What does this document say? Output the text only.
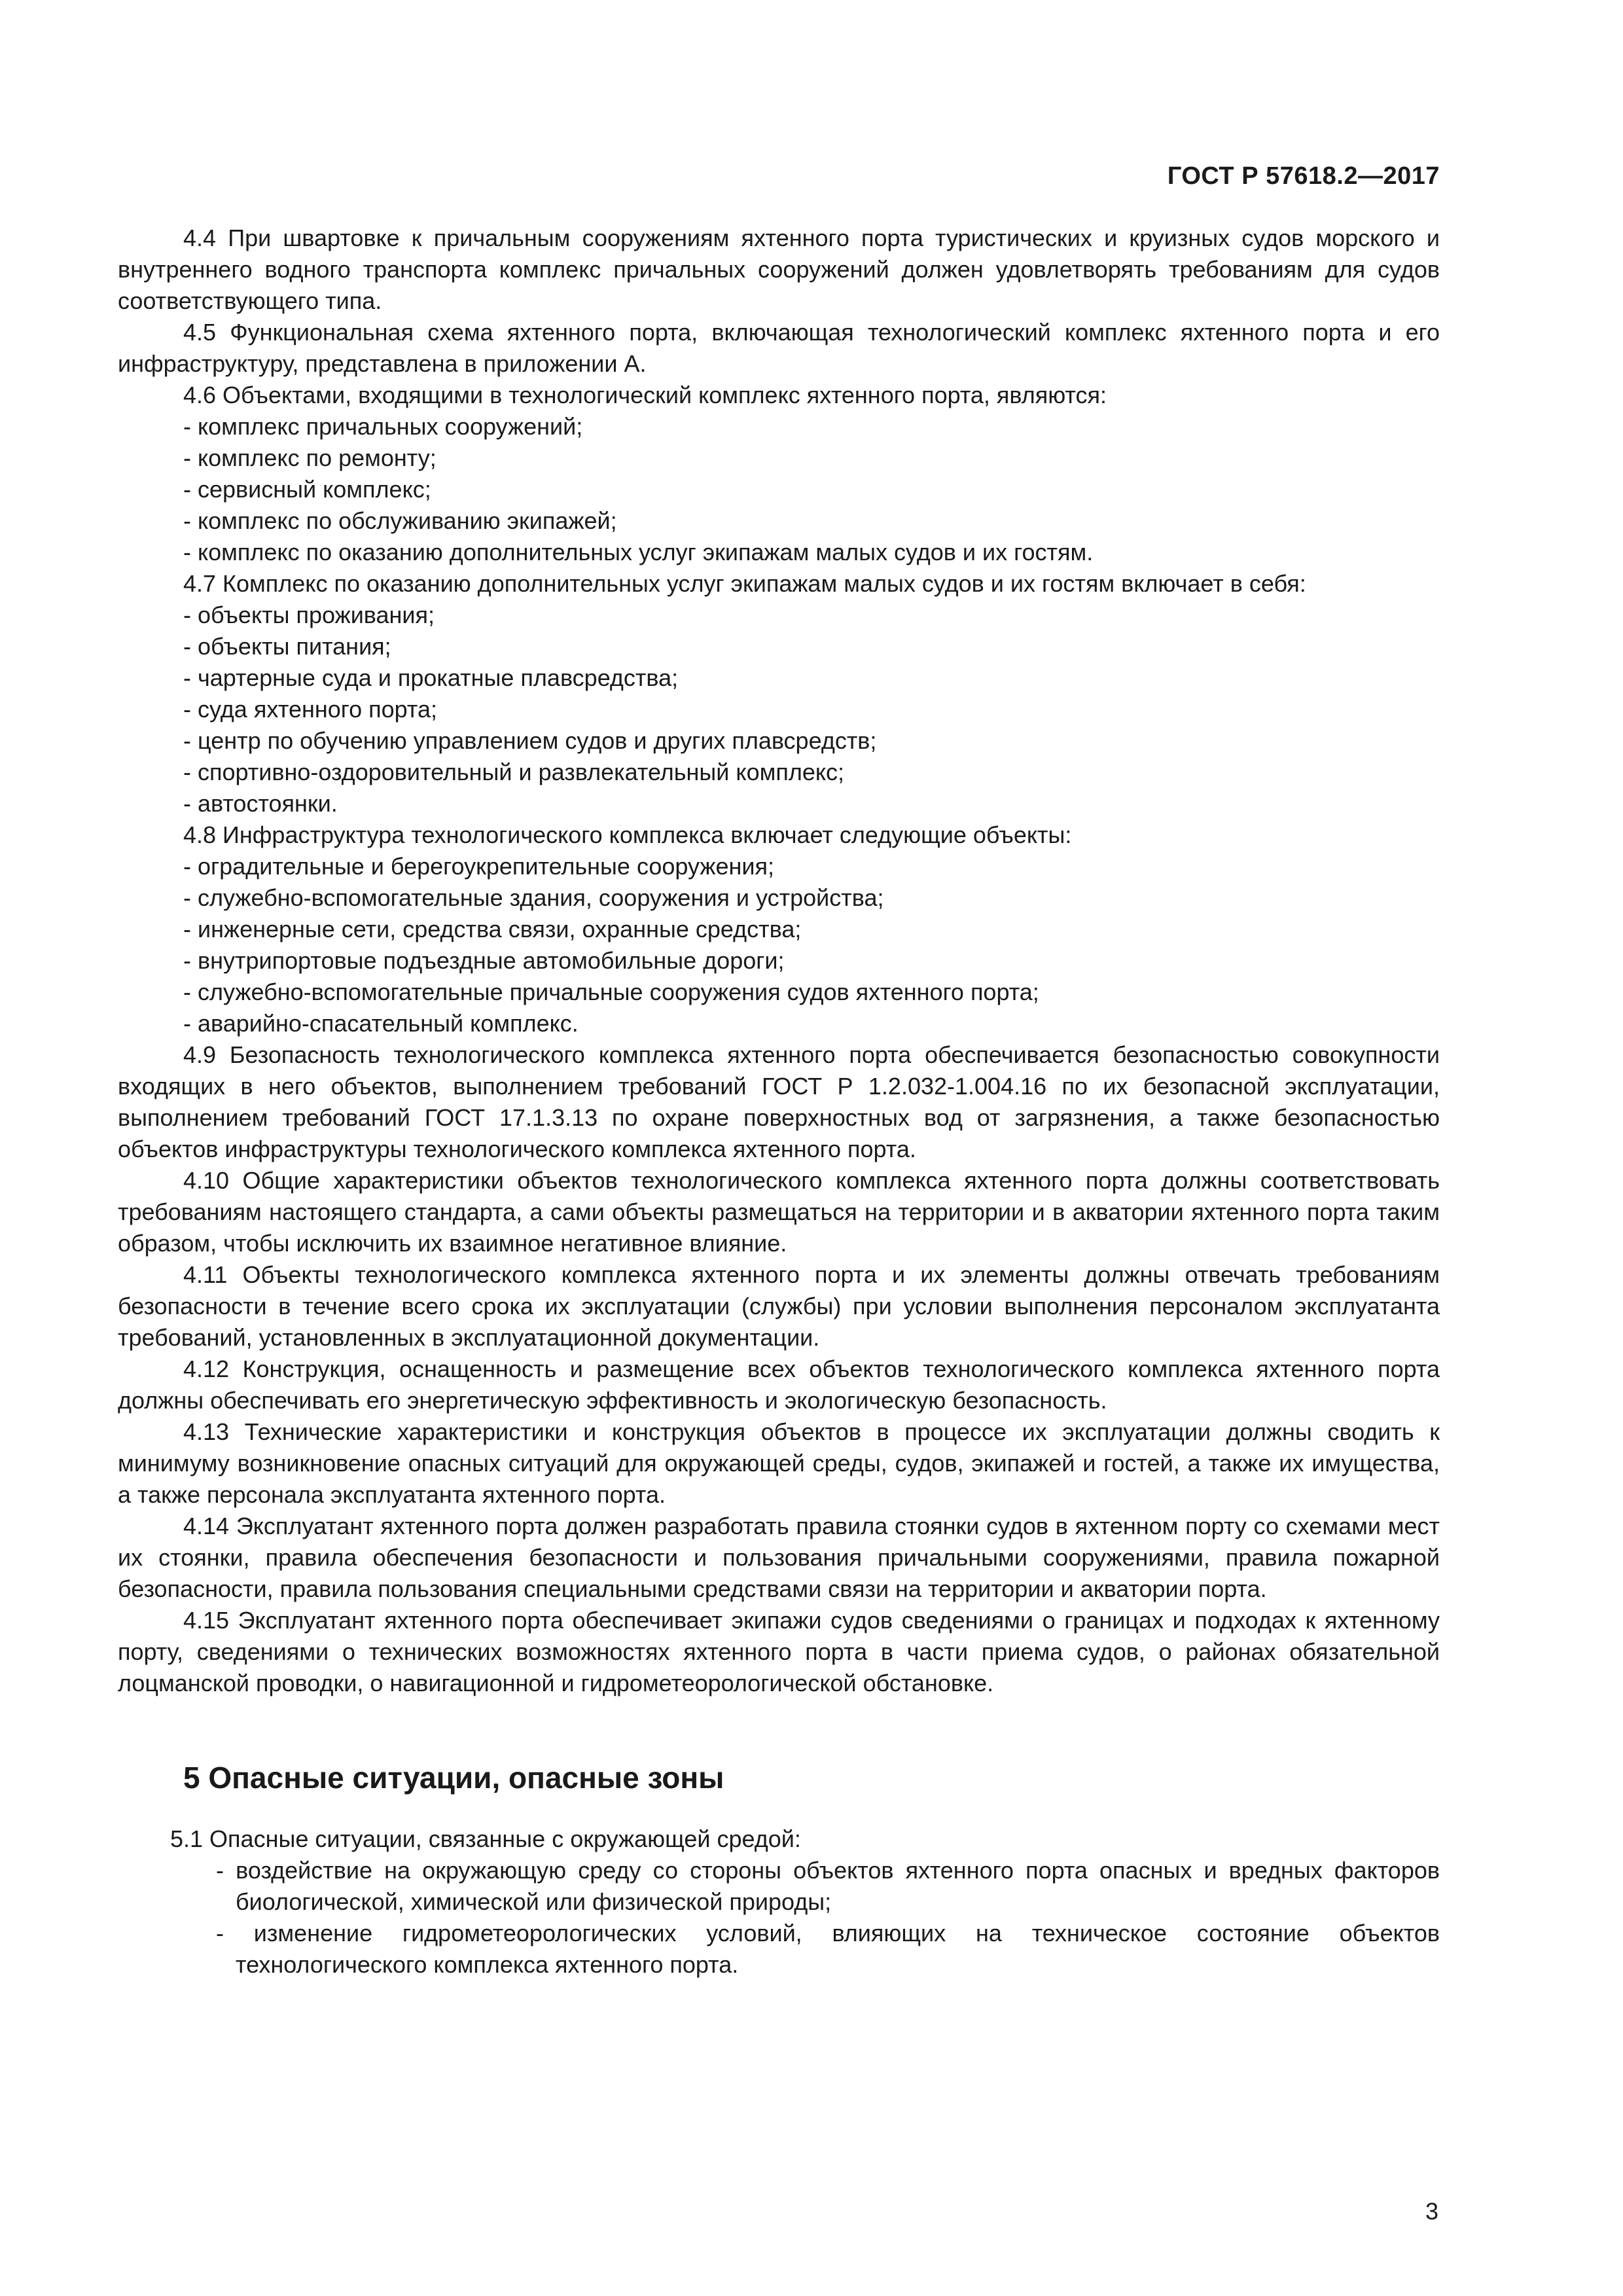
ГОСТ Р 57618.2—2017

4.4 При швартовке к причальным сооружениям яхтенного порта туристических и круизных судов морского и внутреннего водного транспорта комплекс причальных сооружений должен удовлетворять требованиям для судов соответствующего типа.

4.5 Функциональная схема яхтенного порта, включающая технологический комплекс яхтенного порта и его инфраструктуру, представлена в приложении А.

4.6 Объектами, входящими в технологический комплекс яхтенного порта, являются:

- комплекс причальных сооружений;

- комплекс по ремонту;

- сервисный комплекс;

- комплекс по обслуживанию экипажей;

- комплекс по оказанию дополнительных услуг экипажам малых судов и их гостям.

4.7 Комплекс по оказанию дополнительных услуг экипажам малых судов и их гостям включает в себя:

- объекты проживания;

- объекты питания;

- чартерные суда и прокатные плавсредства;

- суда яхтенного порта;

- центр по обучению управлением судов и других плавсредств;

- спортивно-оздоровительный и развлекательный комплекс;

- автостоянки.

4.8 Инфраструктура технологического комплекса включает следующие объекты:

- оградительные и берегоукрепительные сооружения;

- служебно-вспомогательные здания, сооружения и устройства;

- инженерные сети, средства связи, охранные средства;

- внутрипортовые подъездные автомобильные дороги;

- служебно-вспомогательные причальные сооружения судов яхтенного порта;

- аварийно-спасательный комплекс.

4.9 Безопасность технологического комплекса яхтенного порта обеспечивается безопасностью совокупности входящих в него объектов, выполнением требований ГОСТ Р 1.2.032-1.004.16 по их безопасной эксплуатации, выполнением требований ГОСТ 17.1.3.13 по охране поверхностных вод от загрязнения, а также безопасностью объектов инфраструктуры технологического комплекса яхтенного порта.

4.10 Общие характеристики объектов технологического комплекса яхтенного порта должны соответствовать требованиям настоящего стандарта, а сами объекты размещаться на территории и в акватории яхтенного порта таким образом, чтобы исключить их взаимное негативное влияние.

4.11 Объекты технологического комплекса яхтенного порта и их элементы должны отвечать требованиям безопасности в течение всего срока их эксплуатации (службы) при условии выполнения персоналом эксплуатанта требований, установленных в эксплуатационной документации.

4.12 Конструкция, оснащенность и размещение всех объектов технологического комплекса яхтенного порта должны обеспечивать его энергетическую эффективность и экологическую безопасность.

4.13 Технические характеристики и конструкция объектов в процессе их эксплуатации должны сводить к минимуму возникновение опасных ситуаций для окружающей среды, судов, экипажей и гостей, а также их имущества, а также персонала эксплуатанта яхтенного порта.

4.14 Эксплуатант яхтенного порта должен разработать правила стоянки судов в яхтенном порту со схемами мест их стоянки, правила обеспечения безопасности и пользования причальными сооружениями, правила пожарной безопасности, правила пользования специальными средствами связи на территории и акватории порта.

4.15 Эксплуатант яхтенного порта обеспечивает экипажи судов сведениями о границах и подходах к яхтенному порту, сведениями о технических возможностях яхтенного порта в части приема судов, о районах обязательной лоцманской проводки, о навигационной и гидрометеорологической обстановке.

5 Опасные ситуации, опасные зоны

5.1 Опасные ситуации, связанные с окружающей средой:

- воздействие на окружающую среду со стороны объектов яхтенного порта опасных и вредных факторов биологической, химической или физической природы;

- изменение гидрометеорологических условий, влияющих на техническое состояние объектов технологического комплекса яхтенного порта.

3
